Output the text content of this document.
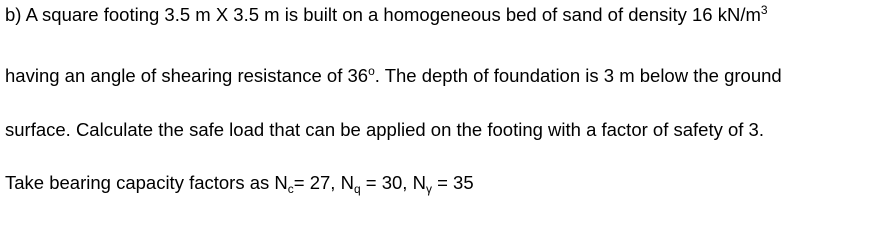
b) A square footing 3.5 m X 3.5 m is built on a homogeneous bed of sand of density 16 $kN/m^3$
having an angle of shearing resistance of 36$^o$. The depth of foundation is 3 m below the ground
surface. Calculate the safe load that can be applied on the footing with a factor of safety of 3.
Take bearing capacity factors as $N_c= 27$, $N_q = 30$, $N_\gamma = 35$
